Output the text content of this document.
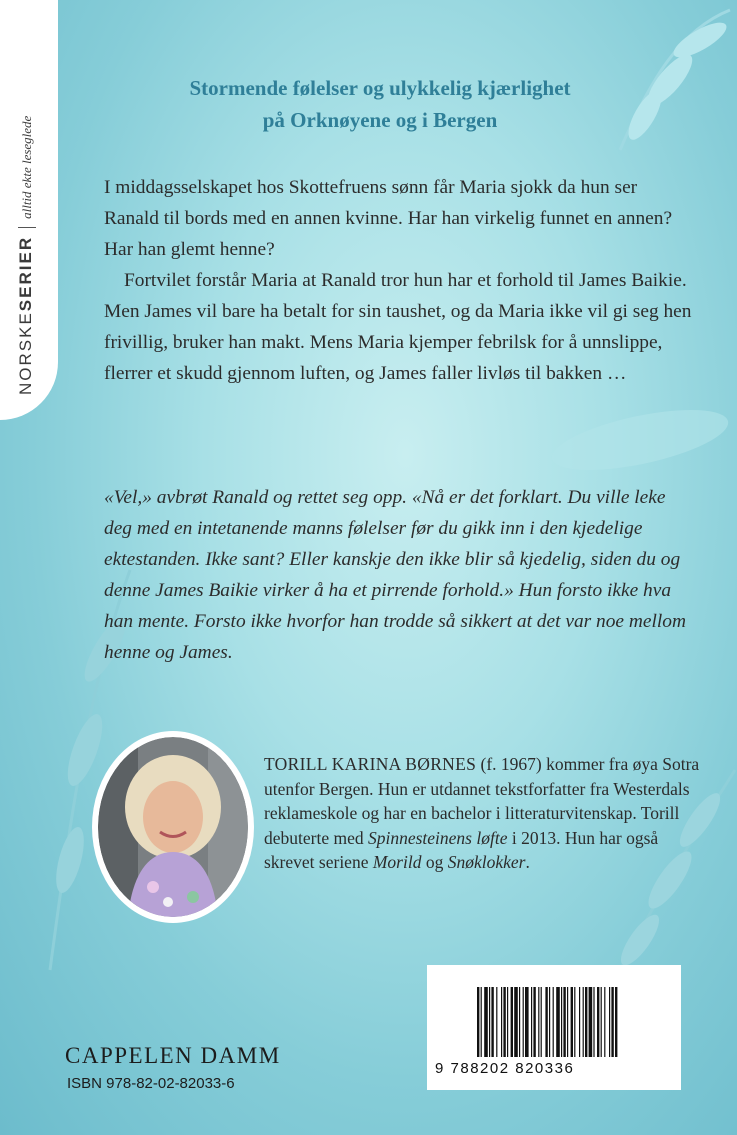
NORSKESERIERalltid ekte leseglede
Stormende følelser og ulykkelig kjærlighet
på Orknøyene og i Bergen

I middagsselskapet hos Skottefruens sønn får Maria sjokk da hun ser Ranald til bords med en annen kvinne. Har han virkelig funnet en annen? Har han glemt henne?

Fortvilet forstår Maria at Ranald tror hun har et forhold til James Baikie. Men James vil bare ha betalt for sin taushet, og da Maria ikke vil gi seg hen frivillig, bruker han makt. Mens Maria kjemper febrilsk for å unnslippe, flerrer et skudd gjennom luften, og James faller livløs til bakken …

«Vel,» avbrøt Ranald og rettet seg opp. «Nå er det forklart. Du ville leke deg med en intetanende manns følelser før du gikk inn i den kjedelige ektestanden. Ikke sant? Eller kanskje den ikke blir så kjedelig, siden du og denne James Baikie virker å ha et pirrende forhold.» Hun forsto ikke hva han mente. Forsto ikke hvorfor han trodde så sikkert at det var noe mellom henne og James.
TORILL KARINA BØRNES (f. 1967) kommer fra øya Sotra utenfor Bergen. Hun er utdannet tekstforfatter fra Westerdals reklameskole og har en bachelor i litteraturvitenskap. Torill debuterte med Spinnesteinens løfte i 2013. Hun har også skrevet seriene Morild og Snøklokker.
9 788202 820336
CAPPELEN DAMM
ISBN 978-82-02-82033-6
